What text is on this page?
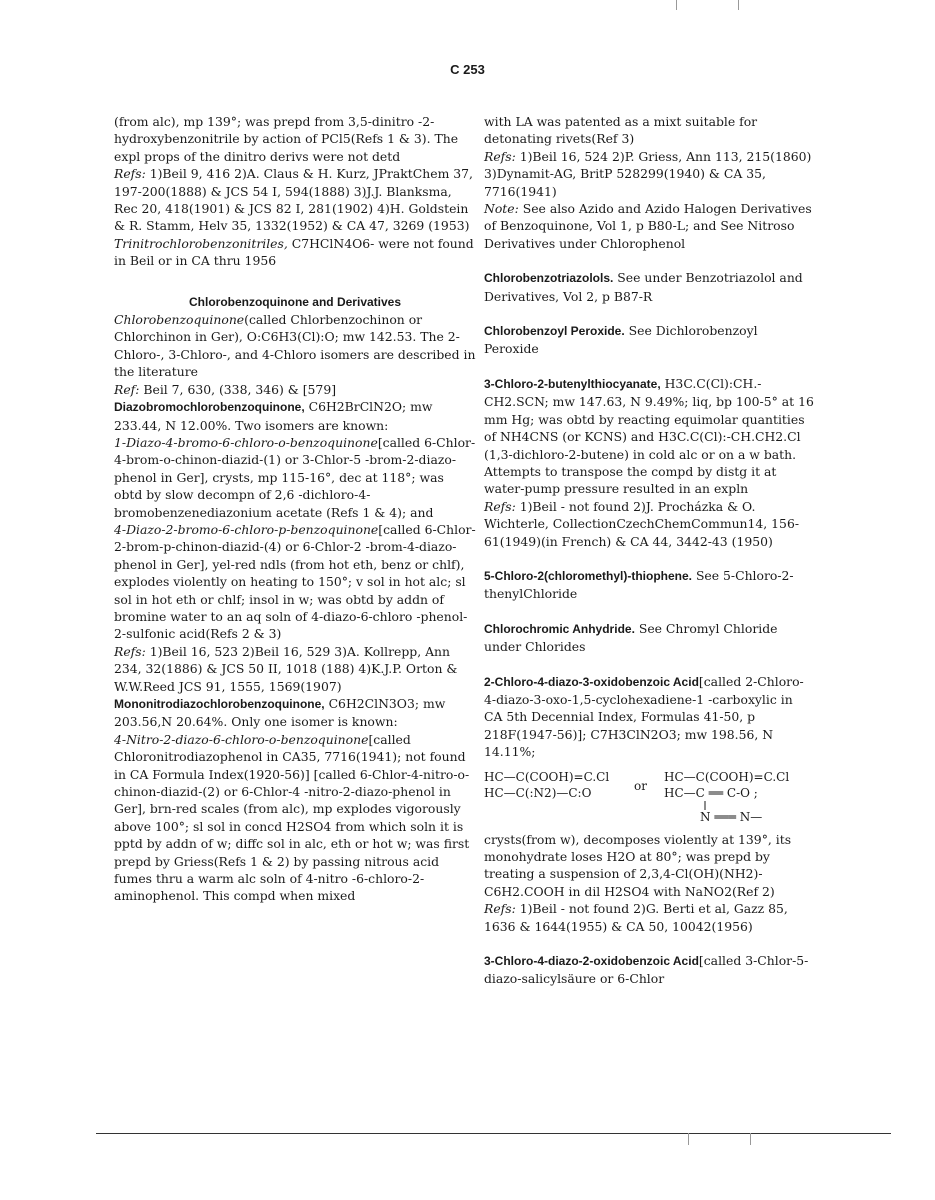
C 253

(from alc), mp 139°; was prepd from 3,5-dinitro -2-hydroxybenzonitrile by action of PCl5(Refs 1 & 3). The expl props of the dinitro derivs were not detd

Refs: 1)Beil 9, 416 2)A. Claus & H. Kurz, JPraktChem 37, 197-200(1888) & JCS 54 I, 594(1888) 3)J.J. Blanksma, Rec 20, 418(1901) & JCS 82 I, 281(1902) 4)H. Goldstein & R. Stamm, Helv 35, 1332(1952) & CA 47, 3269 (1953)

Trinitrochlorobenzonitriles, C7HClN4O6- were not found in Beil or in CA thru 1956

Chlorobenzoquinone and Derivatives

Chlorobenzoquinone(called Chlorbenzochinon or Chlorchinon in Ger), O:C6H3(Cl):O; mw 142.53. The 2-Chloro-, 3-Chloro-, and 4-Chloro isomers are described in the literature

Ref: Beil 7, 630, (338, 346) & [579]

Diazobromochlorobenzoquinone, C6H2BrClN2O; mw 233.44, N 12.00%. Two isomers are known:

1-Diazo-4-bromo-6-chloro-o-benzoquinone[called 6-Chlor-4-brom-o-chinon-diazid-(1) or 3-Chlor-5 -brom-2-diazo-phenol in Ger], crysts, mp 115-16°, dec at 118°; was obtd by slow decompn of 2,6 -dichloro-4-bromobenzenediazonium acetate (Refs 1 & 4); and

4-Diazo-2-bromo-6-chloro-p-benzoquinone[called 6-Chlor-2-brom-p-chinon-diazid-(4) or 6-Chlor-2 -brom-4-diazo-phenol in Ger], yel-red ndls (from hot eth, benz or chlf), explodes violently on heating to 150°; v sol in hot alc; sl sol in hot eth or chlf; insol in w; was obtd by addn of bromine water to an aq soln of 4-diazo-6-chloro -phenol-2-sulfonic acid(Refs 2 & 3)

Refs: 1)Beil 16, 523 2)Beil 16, 529 3)A. Kollrepp, Ann 234, 32(1886) & JCS 50 II, 1018 (188) 4)K.J.P. Orton & W.W.Reed JCS 91, 1555, 1569(1907)

Mononitrodiazochlorobenzoquinone, C6H2ClN3O3; mw 203.56,N 20.64%. Only one isomer is known:

4-Nitro-2-diazo-6-chloro-o-benzoquinone[called Chloronitrodiazophenol in CA35, 7716(1941); not found in CA Formula Index(1920-56)] [called 6-Chlor-4-nitro-o-chinon-diazid-(2) or 6-Chlor-4 -nitro-2-diazo-phenol in Ger], brn-red scales (from alc), mp explodes vigorously above 100°; sl sol in concd H2SO4 from which soln it is pptd by addn of w; diffc sol in alc, eth or hot w; was first prepd by Griess(Refs 1 & 2) by passing nitrous acid fumes thru a warm alc soln of 4-nitro -6-chloro-2-aminophenol. This compd when mixed

with LA was patented as a mixt suitable for detonating rivets(Ref 3)

Refs: 1)Beil 16, 524 2)P. Griess, Ann 113, 215(1860) 3)Dynamit-AG, BritP 528299(1940) & CA 35, 7716(1941)

Note: See also Azido and Azido Halogen Derivatives of Benzoquinone, Vol 1, p B80-L; and See Nitroso Derivatives under Chlorophenol

Chlorobenzotriazolols. See under Benzotriazolol and Derivatives, Vol 2, p B87-R

Chlorobenzoyl Peroxide. See Dichlorobenzoyl Peroxide

3-Chloro-2-butenylthiocyanate, H3C.C(Cl):CH.-CH2.SCN; mw 147.63, N 9.49%; liq, bp 100-5° at 16 mm Hg; was obtd by reacting equimolar quantities of NH4CNS (or KCNS) and H3C.C(Cl):-CH.CH2.Cl (1,3-dichloro-2-butene) in cold alc or on a w bath. Attempts to transpose the compd by distg it at water-pump pressure resulted in an expln

Refs: 1)Beil - not found 2)J. Procházka & O. Wichterle, CollectionCzechChemCommun14, 156-61(1949)(in French) & CA 44, 3442-43 (1950)

5-Chloro-2(chloromethyl)-thiophene. See 5-Chloro-2-thenylChloride

Chlorochromic Anhydride. See Chromyl Chloride under Chlorides

2-Chloro-4-diazo-3-oxidobenzoic Acid[called 2-Chloro-4-diazo-3-oxo-1,5-cyclohexadiene-1 -carboxylic in CA 5th Decennial Index, Formulas 41-50, p 218F(1947-56)]; C7H3ClN2O3; mw 198.56, N 14.11%;

HC—C(COOH)=C.Cl
HC—C(:N2)—C:O	or
HC—C(COOH)=C.Cl
HC—C ══ C-O ;
N ═══ N—

crysts(from w), decomposes violently at 139°, its monohydrate loses H2O at 80°; was prepd by treating a suspension of 2,3,4-Cl(OH)(NH2)-C6H2.COOH in dil H2SO4 with NaNO2(Ref 2)

Refs: 1)Beil - not found 2)G. Berti et al, Gazz 85, 1636 & 1644(1955) & CA 50, 10042(1956)

3-Chloro-4-diazo-2-oxidobenzoic Acid[called 3-Chlor-5-diazo-salicylsäure or 6-Chlor
